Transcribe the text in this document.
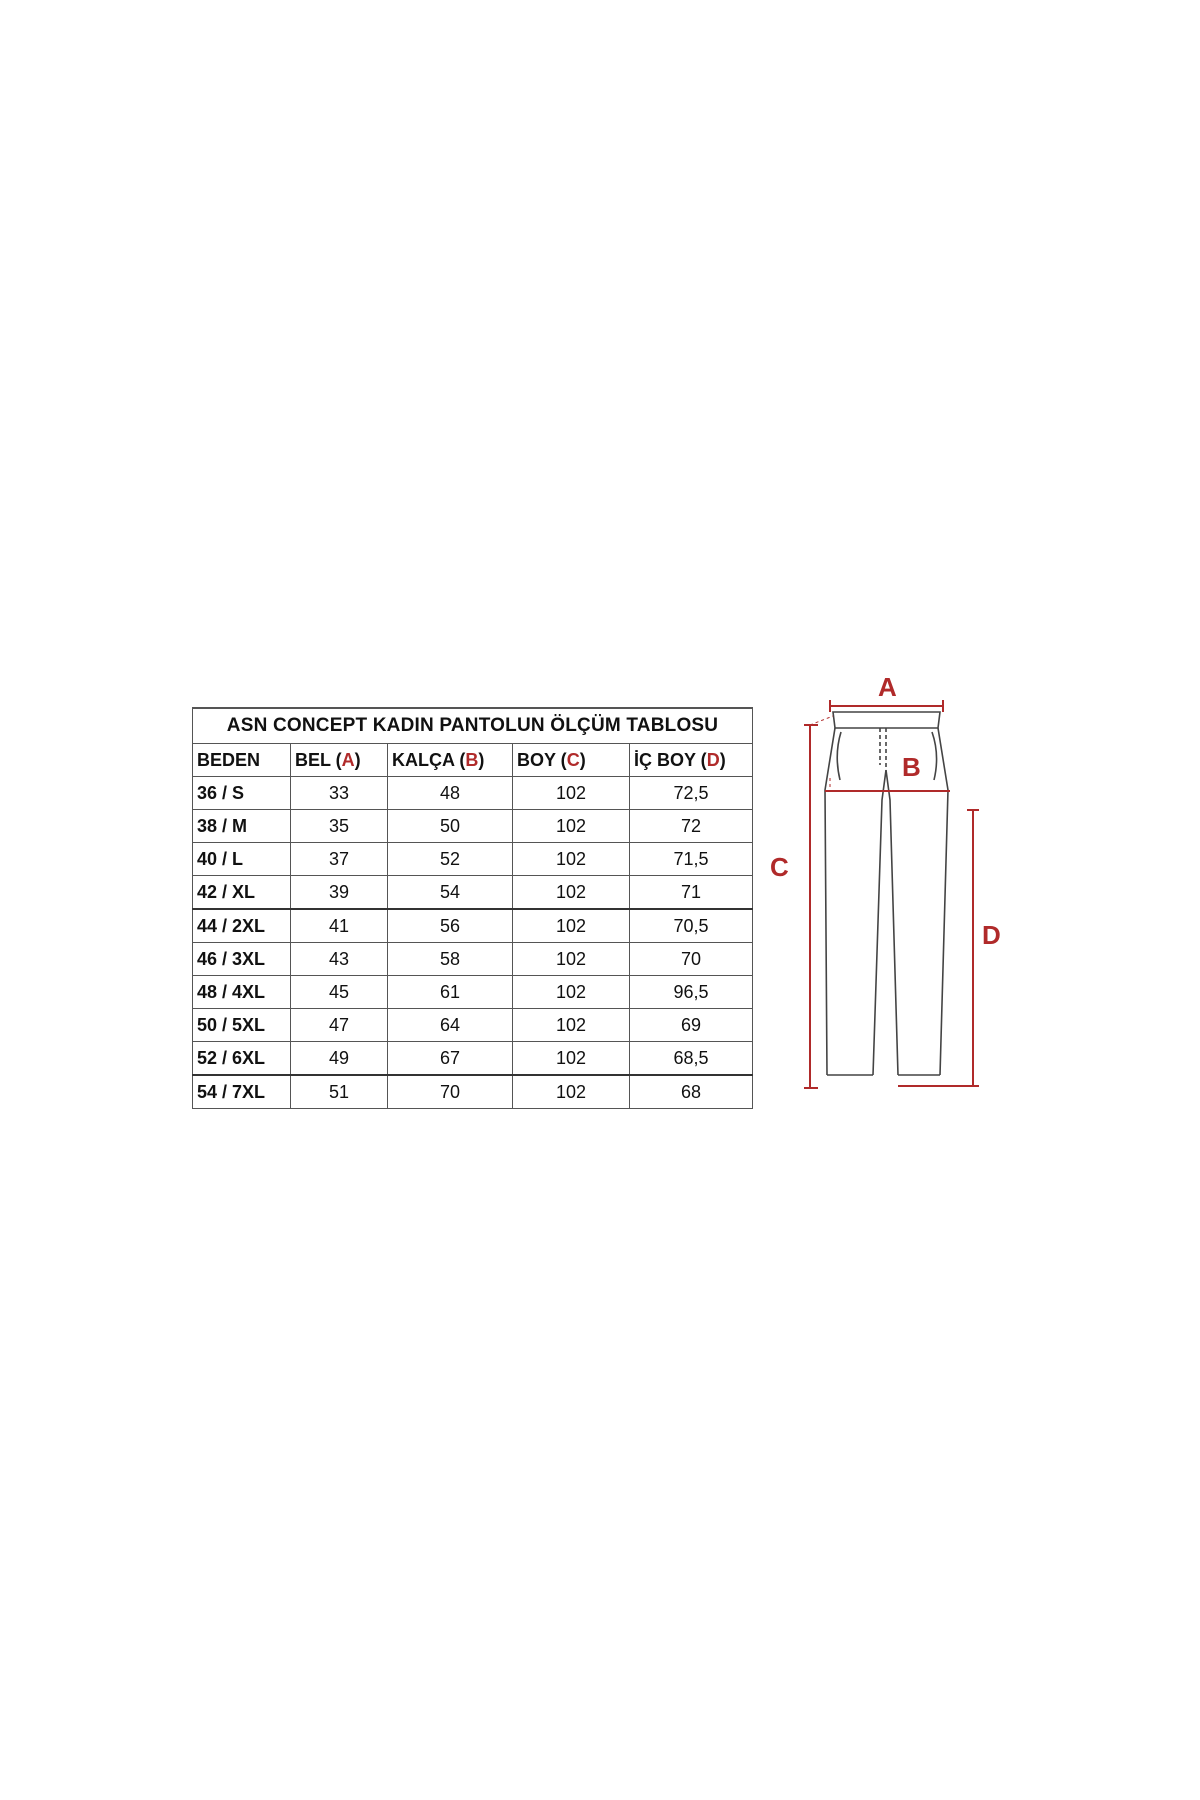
ASN CONCEPT KADIN PANTOLUN ÖLÇÜM TABLOSU				
BEDEN	BEL (A)	KALÇA (B)	BOY (C)	İÇ BOY (D)
36 / S	33	48	102	72,5
38 / M	35	50	102	72
40 / L	37	52	102	71,5
42 / XL	39	54	102	71
44 / 2XL	41	56	102	70,5
46 / 3XL	43	58	102	70
48 / 4XL	45	61	102	96,5
50 / 5XL	47	64	102	69
52 / 6XL	49	67	102	68,5
54 / 7XL	51	70	102	68
A
B
C
D
